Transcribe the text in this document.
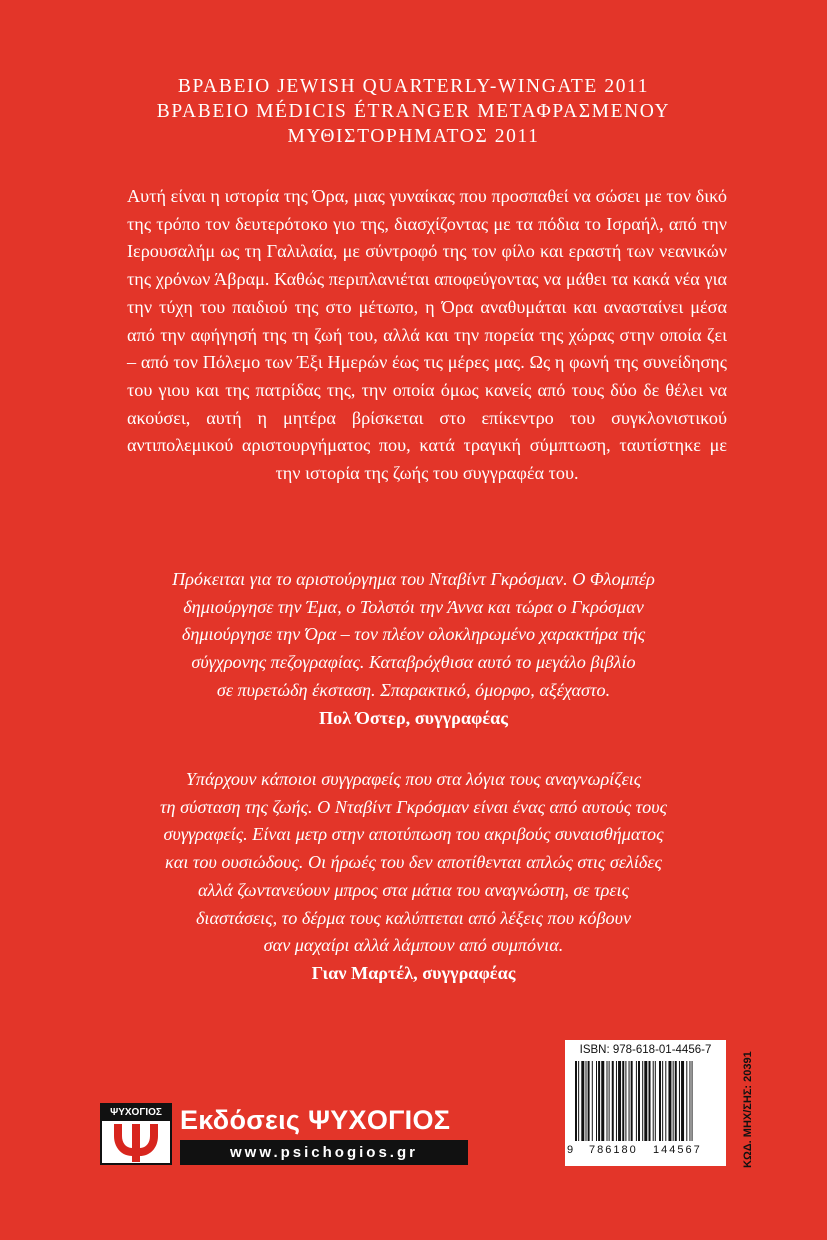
ΒΡΑΒΕΙΟ JEWISH QUARTERLY-WINGATE 2011
ΒΡΑΒΕΙΟ MÉDICIS ÉTRANGER ΜΕΤΑΦΡΑΣΜΕΝΟΥ
ΜΥΘΙΣΤΟΡΗΜΑΤΟΣ 2011
Αυτή είναι η ιστορία της Όρα, μιας γυναίκας που προσπαθεί να σώσει με τον δικό της τρόπο τον δευτερότοκο γιο της, διασχίζοντας με τα πόδια το Ισραήλ, από την Ιερουσαλήμ ως τη Γαλιλαία, με σύντροφό της τον φίλο και εραστή των νεανικών της χρόνων Άβραμ. Καθώς περιπλανιέται αποφεύγοντας να μάθει τα κακά νέα για την τύχη του παιδιού της στο μέτωπο, η Όρα αναθυμάται και ανασταίνει μέσα από την αφήγησή της τη ζωή του, αλλά και την πορεία της χώρας στην οποία ζει – από τον Πόλεμο των Έξι Ημερών έως τις μέρες μας. Ως η φωνή της συνείδησης του γιου και της πατρίδας της, την οποία όμως κανείς από τους δύο δε θέλει να ακούσει, αυτή η μητέρα βρίσκεται στο επίκεντρο του συγκλονιστικού αντιπολεμικού αριστουργήματος που, κατά τραγική σύμπτωση, ταυτίστηκε με την ιστορία της ζωής του συγγραφέα του.
Πρόκειται για το αριστούργημα του Νταβίντ Γκρόσμαν. Ο Φλομπέρ
δημιούργησε την Έμα, ο Τολστόι την Άννα και τώρα ο Γκρόσμαν
δημιούργησε την Όρα – τον πλέον ολοκληρωμένο χαρακτήρα τής
σύγχρονης πεζογραφίας. Καταβρόχθισα αυτό το μεγάλο βιβλίο
σε πυρετώδη έκσταση. Σπαρακτικό, όμορφο, αξέχαστο.
Πολ Όστερ, συγγραφέας
Υπάρχουν κάποιοι συγγραφείς που στα λόγια τους αναγνωρίζεις
τη σύσταση της ζωής. Ο Νταβίντ Γκρόσμαν είναι ένας από αυτούς τους
συγγραφείς. Είναι μετρ στην αποτύπωση του ακριβούς συναισθήματος
και του ουσιώδους. Οι ήρωές του δεν αποτίθενται απλώς στις σελίδες
αλλά ζωντανεύουν μπρος στα μάτια του αναγνώστη, σε τρεις
διαστάσεις, το δέρμα τους καλύπτεται από λέξεις που κόβουν
σαν μαχαίρι αλλά λάμπουν από συμπόνια.
Γιαν Μαρτέλ, συγγραφέας
ΨΥΧΟΓΙΟΣ Εκδόσεις ΨΥΧΟΓΙΟΣ
www.psichogios.gr
ISBN: 978-618-01-4456-7
9 786180 144567	ΚΩΔ. ΜΗΧ/ΣΗΣ: 20391
